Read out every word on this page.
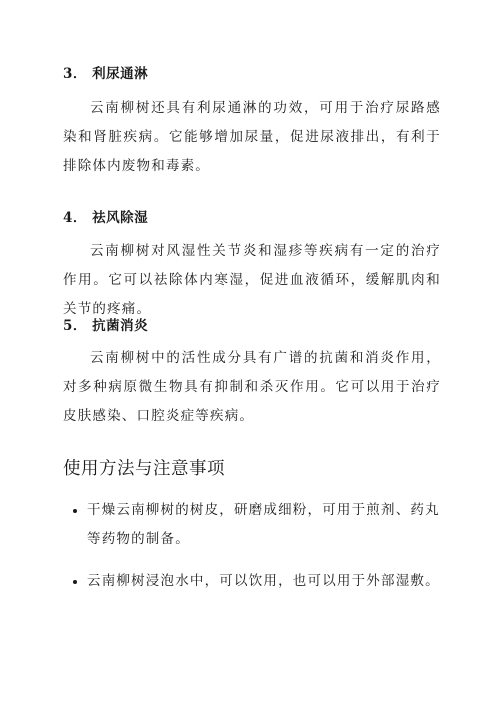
3． 利尿通淋
云南柳树还具有利尿通淋的功效，可用于治疗尿路感染和肾脏疾病。它能够增加尿量，促进尿液排出，有利于排除体内废物和毒素。
4． 祛风除湿
云南柳树对风湿性关节炎和湿疹等疾病有一定的治疗作用。它可以祛除体内寒湿，促进血液循环，缓解肌肉和关节的疼痛。
5． 抗菌消炎
云南柳树中的活性成分具有广谱的抗菌和消炎作用，对多种病原微生物具有抑制和杀灭作用。它可以用于治疗皮肤感染、口腔炎症等疾病。
使用方法与注意事项
干燥云南柳树的树皮，研磨成细粉，可用于煎剂、药丸等药物的制备。
云南柳树浸泡水中，可以饮用，也可以用于外部湿敷。
